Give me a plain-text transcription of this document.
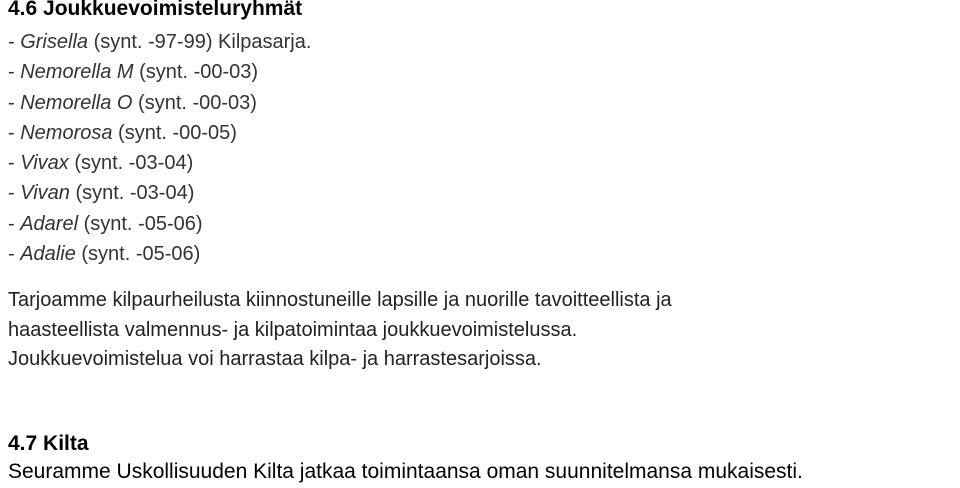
4.6 Joukkuevoimisteluryhmät
- Grisella (synt. -97-99) Kilpasarja.
- Nemorella M (synt. -00-03)
- Nemorella O (synt. -00-03)
- Nemorosa (synt. -00-05)
- Vivax (synt. -03-04)
- Vivan (synt. -03-04)
- Adarel (synt. -05-06)
- Adalie (synt. -05-06)

Tarjoamme kilpaurheilusta kiinnostuneille lapsille ja nuorille tavoitteellista ja
haasteellista valmennus- ja kilpatoimintaa joukkuevoimistelussa.
Joukkuevoimistelua voi harrastaa kilpa- ja harrastesarjoissa.

4.7 Kilta

Seuramme Uskollisuuden Kilta jatkaa toimintaansa oman suunnitelmansa mukaisesti.
